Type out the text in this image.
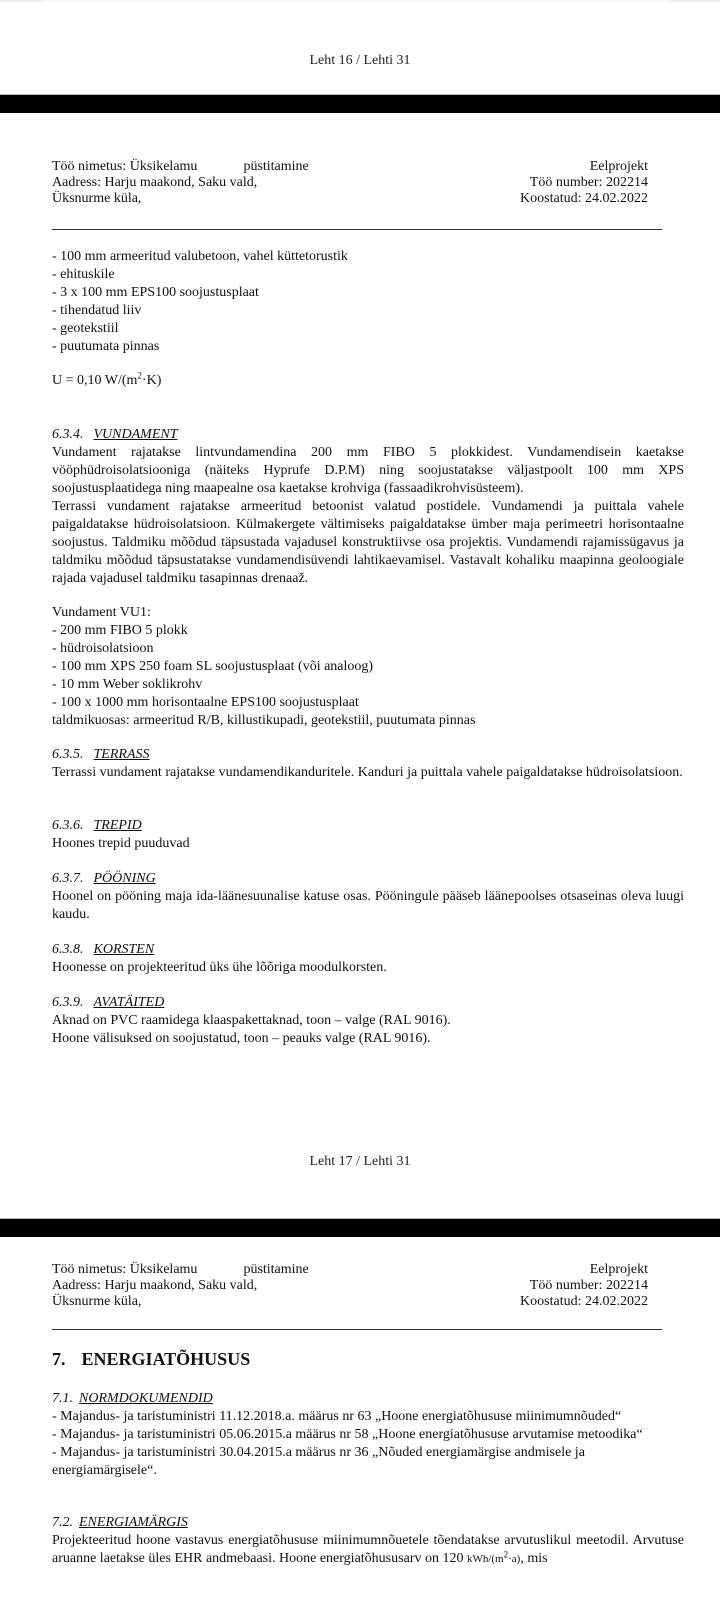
Leht 16 / Lehti 31
Töö nimetus: Üksikelamu	püstitamine	Eelprojekt
Aadress: Harju maakond, Saku vald,	Töö number: 202214
Üksnurme küla,	Koostatud: 24.02.2022

- 100 mm armeeritud valubetoon, vahel küttetorustik

- ehituskile

- 3 x 100 mm EPS100 soojustusplaat

- tihendatud liiv

- geotekstiil

- puutumata pinnas

U = 0,10 $W/(m^2\cdot K)$

6.3.4. VUNDAMENT

Vundament rajatakse lintvundamendina 200 mm FIBO 5 plokkidest. Vundamendisein kaetakse vööphüdroisolatsiooniga (näiteks Hyprufe D.P.M) ning soojustatakse väljastpoolt 100 mm XPS soojustusplaatidega ning maapealne osa kaetakse krohviga (fassaadikrohvisüsteem).

Terrassi vundament rajatakse armeeritud betoonist valatud postidele. Vundamendi ja puittala vahele paigaldatakse hüdroisolatsioon. Külmakergete vältimiseks paigaldatakse ümber maja perimeetri horisontaalne soojustus. Taldmiku mõõdud täpsustada vajadusel konstruktiivse osa projektis. Vundamendi rajamissügavus ja taldmiku mõõdud täpsustatakse vundamendisüvendi lahtikaevamisel. Vastavalt kohaliku maapinna geoloogiale rajada vajadusel taldmiku tasapinnas drenaaž.

Vundament VU1:

- 200 mm FIBO 5 plokk

- hüdroisolatsioon

- 100 mm XPS 250 foam SL soojustusplaat (või analoog)

- 10 mm Weber soklikrohv

- 100 x 1000 mm horisontaalne EPS100 soojustusplaat

taldmikuosas: armeeritud R/B, killustikupadi, geotekstiil, puutumata pinnas

6.3.5. TERRASS

Terrassi vundament rajatakse vundamendikanduritele. Kanduri ja puittala vahele paigaldatakse hüdroisolatsioon.

6.3.6. TREPID

Hoones trepid puuduvad

6.3.7. PÖÖNING

Hoonel on pööning maja ida-läänesuunalise katuse osas. Pööningule pääseb läänepoolses otsaseinas oleva luugi kaudu.

6.3.8. KORSTEN

Hoonesse on projekteeritud üks ühe lõõriga moodulkorsten.

6.3.9. AVATÄITED

Aknad on PVC raamidega klaaspakettaknad, toon – valge (RAL 9016).

Hoone välisuksed on soojustatud, toon – peauks valge (RAL 9016).

Leht 17 / Lehti 31
Töö nimetus: Üksikelamu	püstitamine	Eelprojekt
Aadress: Harju maakond, Saku vald,	Töö number: 202214
Üksnurme küla,	Koostatud: 24.02.2022
7. ENERGIATÕHUSUS

7.1. NORMDOKUMENDID

- Majandus- ja taristuministri 11.12.2018.a. määrus nr 63 „Hoone energiatõhususe miinimumnõuded“

- Majandus- ja taristuministri 05.06.2015.a määrus nr 58 „Hoone energiatõhususe arvutamise metoodika“

- Majandus- ja taristuministri 30.04.2015.a määrus nr 36 „Nõuded energiamärgise andmisele ja energiamärgisele“.

7.2. ENERGIAMÄRGIS

Projekteeritud hoone vastavus energiatõhususe miinimumnõuetele tõendatakse arvutuslikul meetodil. Arvutuse aruanne laetakse üles EHR andmebaasi. Hoone energiatõhususarv on 120 kWh/$(m^2\cdot a)$, mis
